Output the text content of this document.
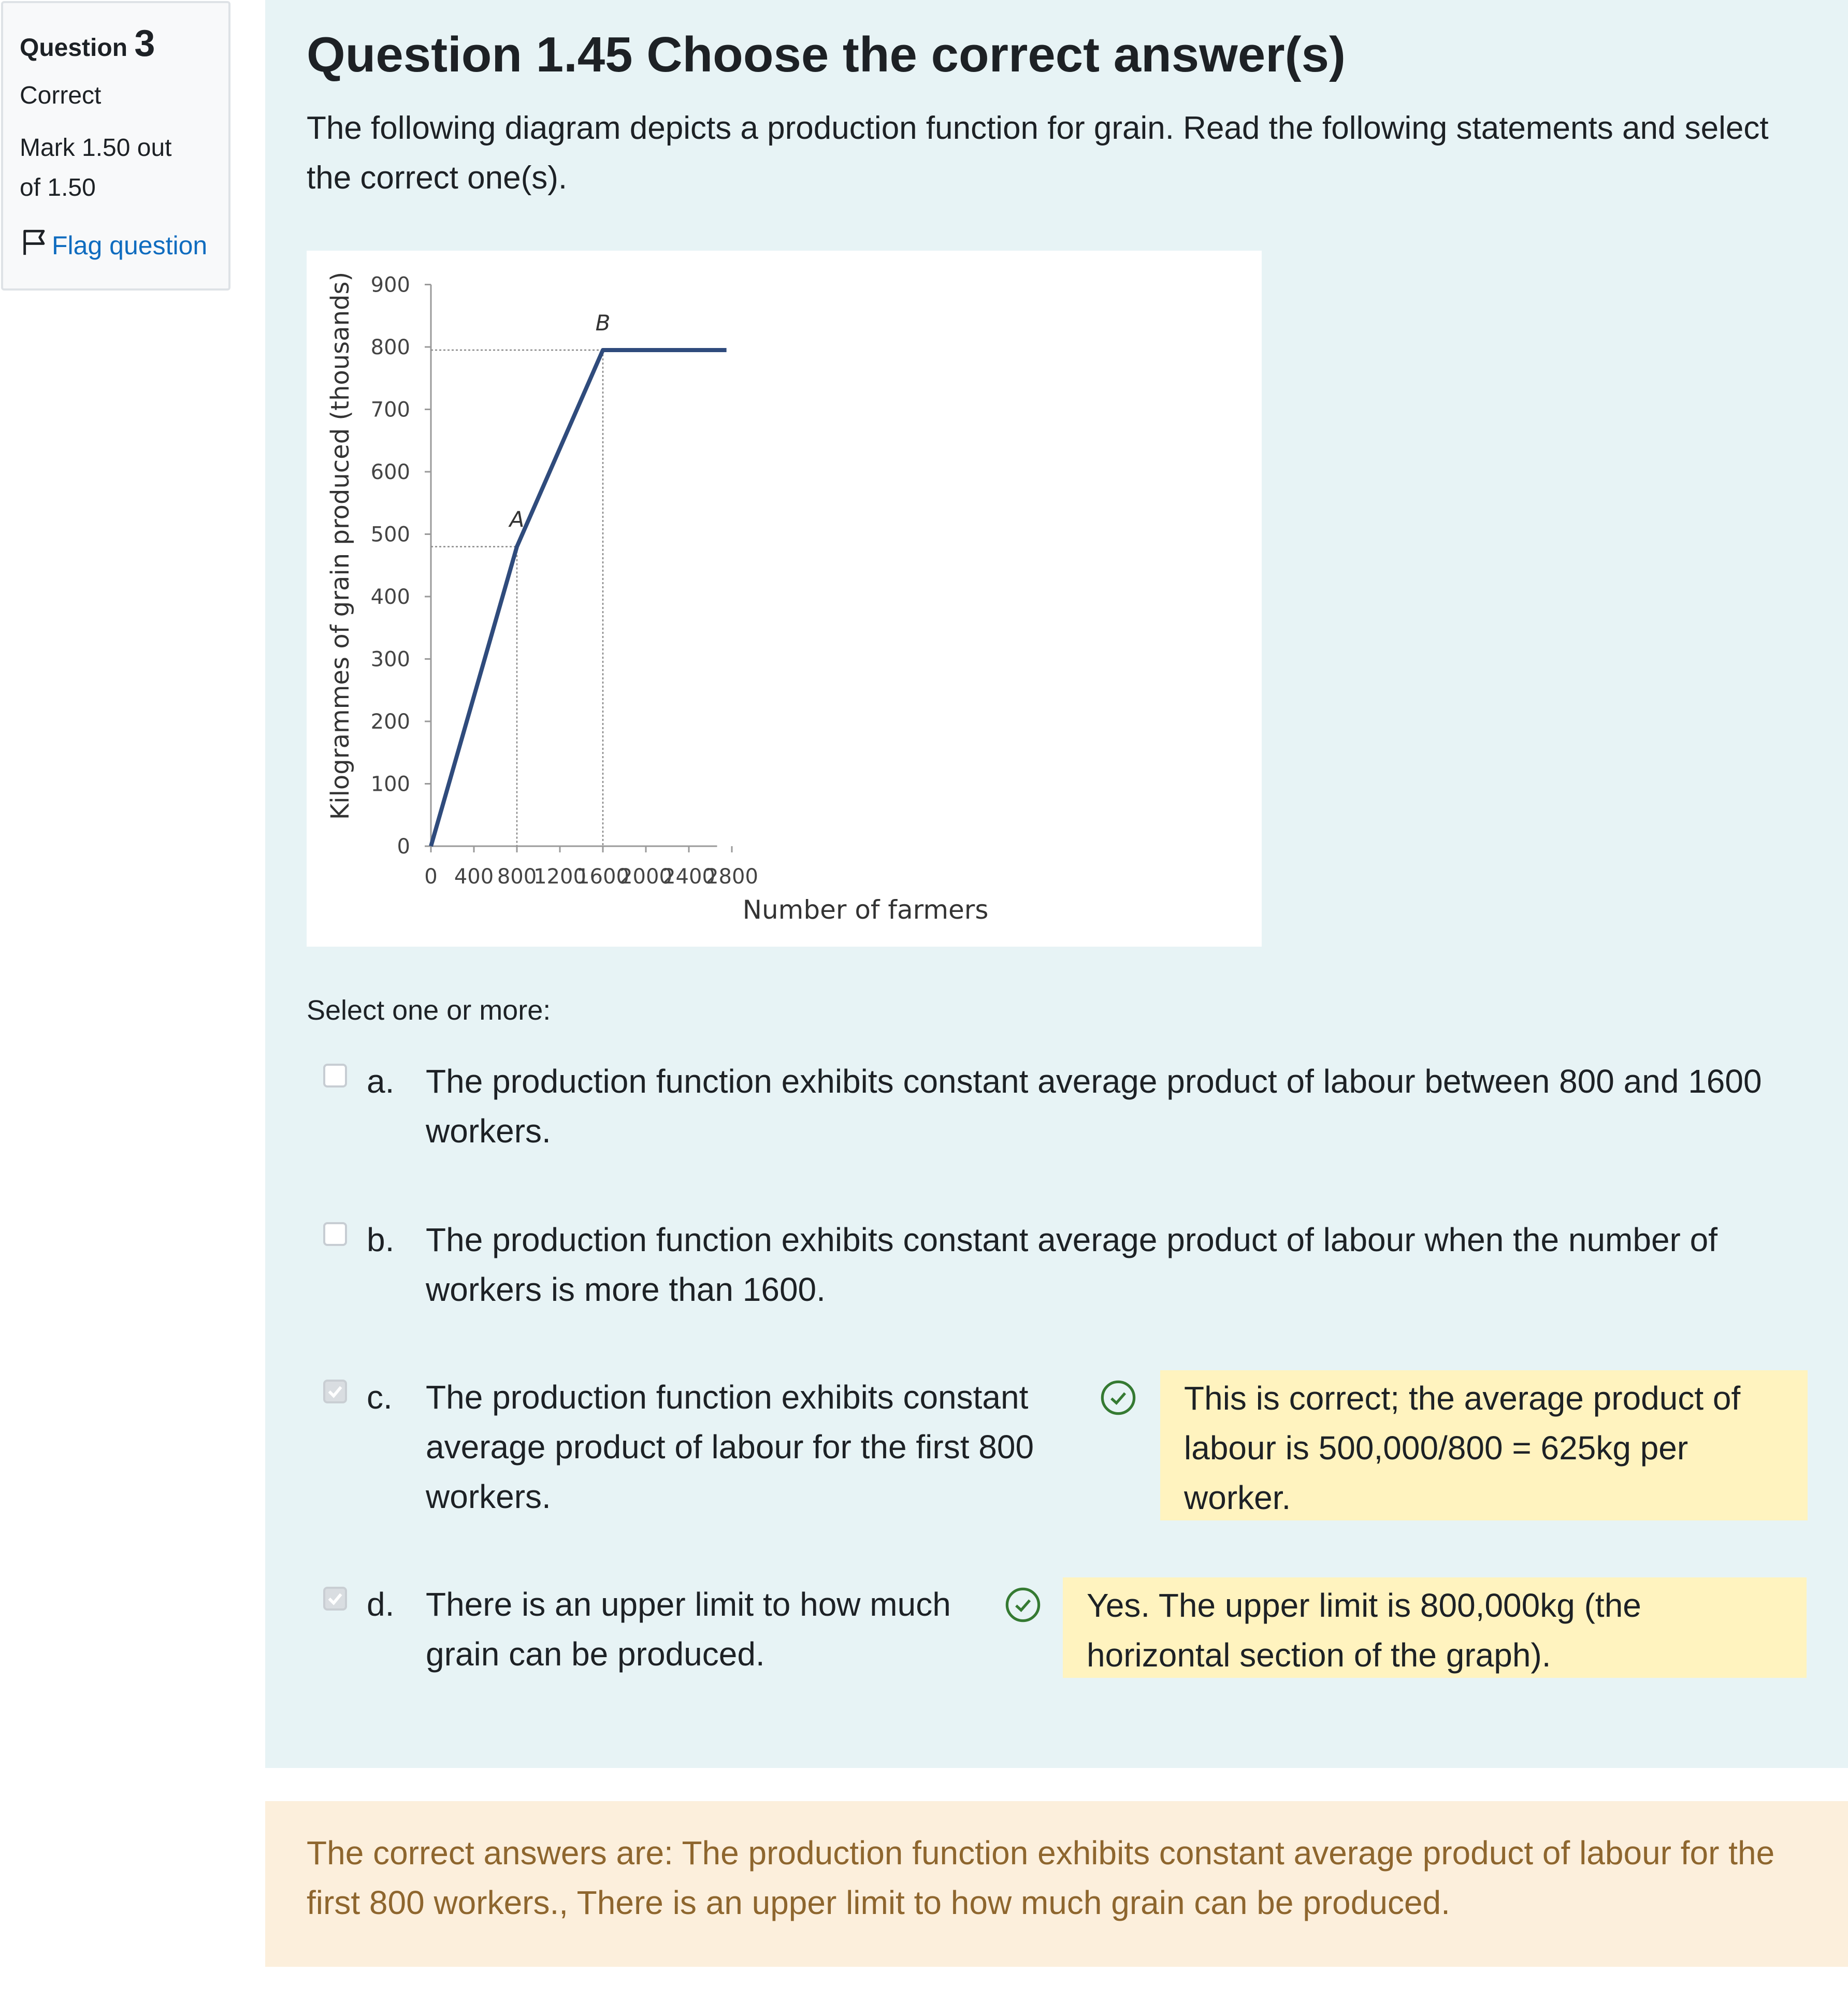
Question 3
Correct
Mark 1.50 out
of 1.50
Flag question
Question 1.45 Choose the correct answer(s)
The following diagram depicts a production function for grain. Read the following statements and select the correct one(s).
Kilogrammes of grain produced (thousands)
Number of farmers
0 400 800
1200
1600
2000
2400
2800
0
100
200
300
400
500
600
700
800
900
A
B
Select one or more:
a. The production function exhibits constant average product of labour between 800 and 1600 workers.
b. The production function exhibits constant average product of labour when the number of workers is more than 1600.
c. The production function exhibits constant average product of labour for the first 800 workers.
This is correct; the average product of labour is 500,000/800 = 625kg per worker.
d. There is an upper limit to how much grain can be produced.
Yes. The upper limit is 800,000kg (the horizontal section of the graph).
The correct answers are: The production function exhibits constant average product of labour for the first 800 workers., There is an upper limit to how much grain can be produced.
